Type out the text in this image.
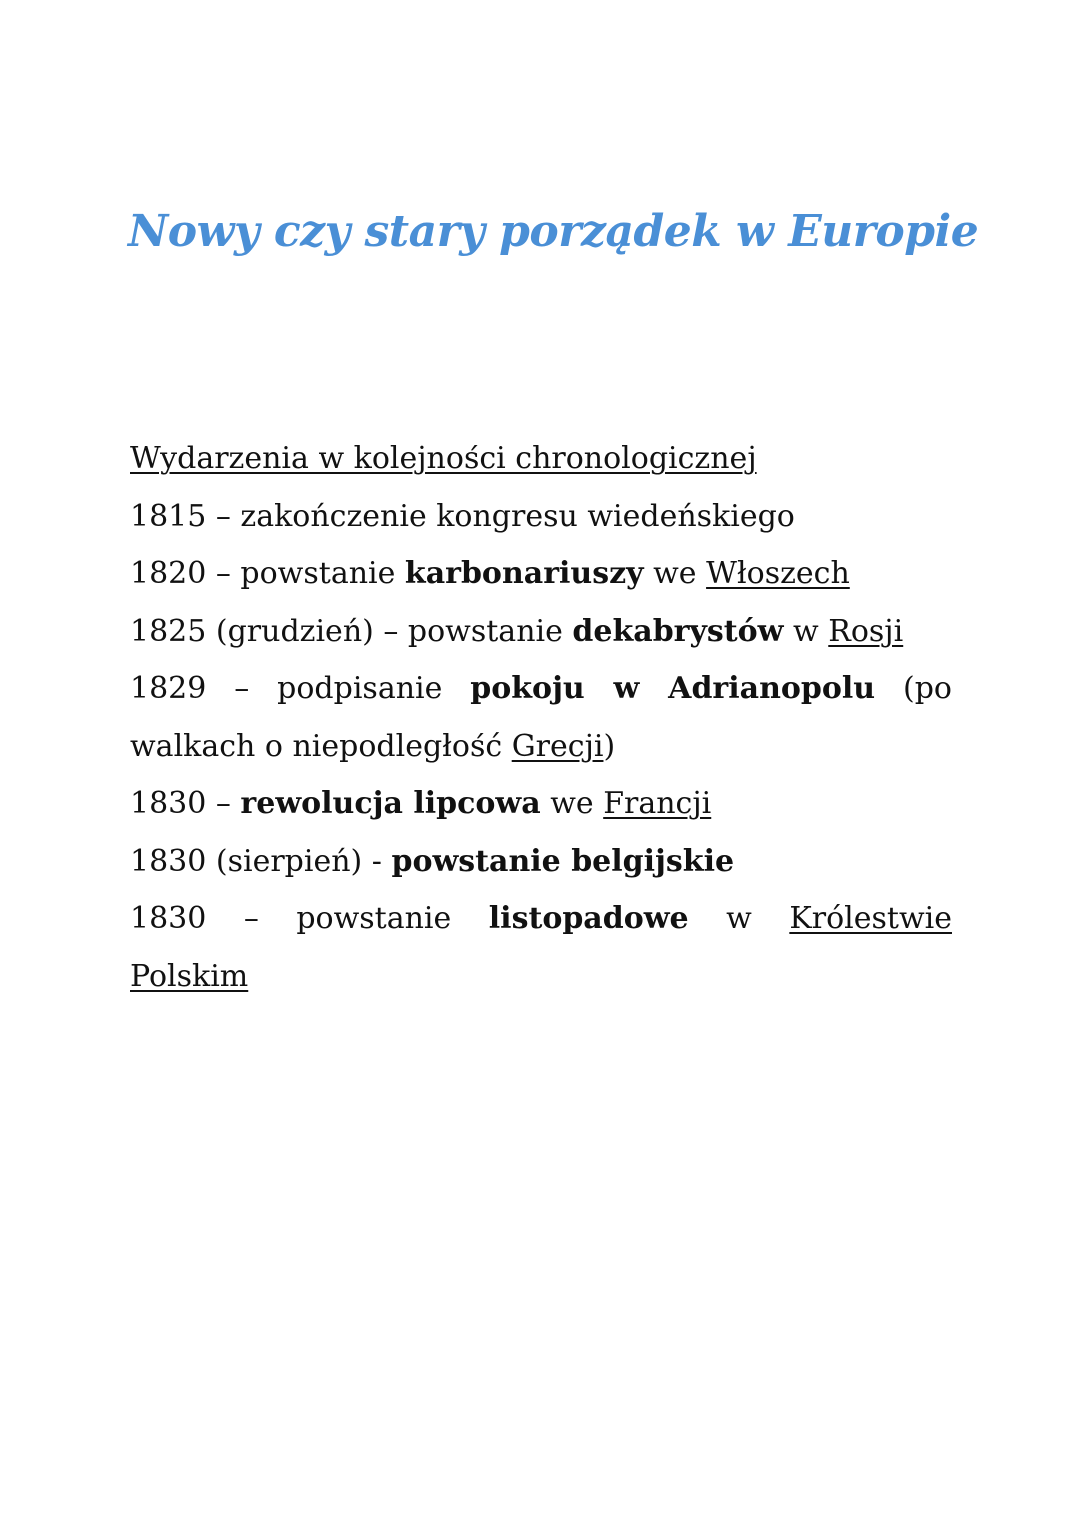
Nowy czy stary porządek w Europie

Wydarzenia w kolejności chronologicznej

1815 – zakończenie kongresu wiedeńskiego

1820 – powstanie karbonariuszy we Włoszech

1825 (grudzień) – powstanie dekabrystów w Rosji

1829 – podpisanie pokoju w Adrianopolu (po

walkach o niepodległość Grecji)

1830 – rewolucja lipcowa we Francji

1830 (sierpień) - powstanie belgijskie

1830 – powstanie listopadowe w Królestwie

Polskim
